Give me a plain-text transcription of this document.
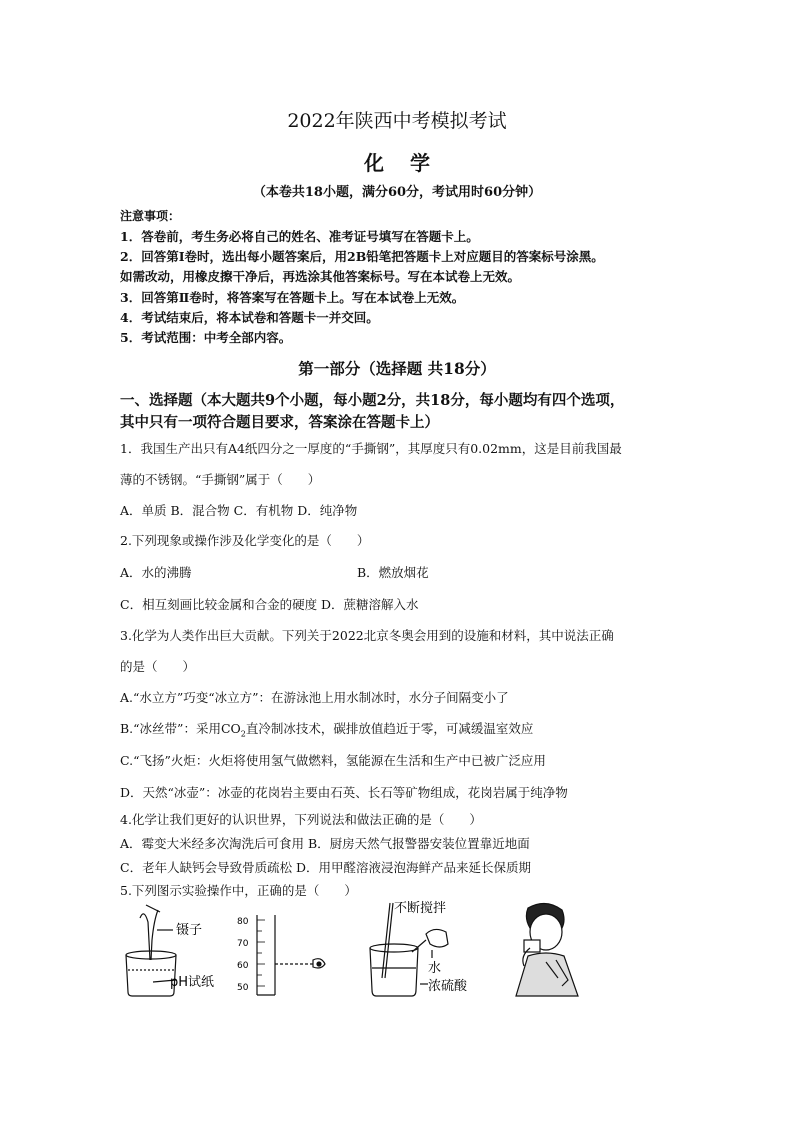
2022年陕西中考模拟考试
化学
（本卷共18小题，满分60分，考试用时60分钟）
注意事项：
1．答卷前，考生务必将自己的姓名、准考证号填写在答题卡上。
2．回答第Ⅰ卷时，选出每小题答案后，用2B铅笔把答题卡上对应题目的答案标号涂黑。
如需改动，用橡皮擦干净后，再选涂其他答案标号。写在本试卷上无效。
3．回答第Ⅱ卷时，将答案写在答题卡上。写在本试卷上无效。
4．考试结束后，将本试卷和答题卡一并交回。
5．考试范围：中考全部内容。
第一部分（选择题 共18分）
一、选择题（本大题共9个小题，每小题2分，共18分，每小题均有四个选项，
其中只有一项符合题目要求，答案涂在答题卡上）
1．我国生产出只有A4纸四分之一厚度的“手撕钢”，其厚度只有0.02mm，这是目前我国最
薄的不锈钢。“手撕钢”属于（　　）
A．单质 B．混合物 C．有机物 D．纯净物
2.下列现象或操作涉及化学变化的是（　　）
A．水的沸腾	B．燃放烟花
C．相互刻画比较金属和合金的硬度 D．蔗糖溶解入水
3.化学为人类作出巨大贡献。下列关于2022北京冬奥会用到的设施和材料，其中说法正确
的是（　　）
A.“水立方”巧变“冰立方”：在游泳池上用水制冰时，水分子间隔变小了
B.“冰丝带”：采用$CO_2$直冷制冰技术，碳排放值趋近于零，可减缓温室效应
C.“飞扬”火炬：火炬将使用氢气做燃料，氢能源在生活和生产中已被广泛应用
D．天然“冰壶”：冰壶的花岗岩主要由石英、长石等矿物组成，花岗岩属于纯净物
4.化学让我们更好的认识世界，下列说法和做法正确的是（　　）
A．霉变大米经多次淘洗后可食用 B．厨房天然气报警器安装位置靠近地面
C．老年人缺钙会导致骨质疏松 D．用甲醛溶液浸泡海鲜产品来延长保质期
5.下列图示实验操作中，正确的是（　　）
镊子
pH试纸
80
70
60
50
不断搅拌
水
浓硫酸
